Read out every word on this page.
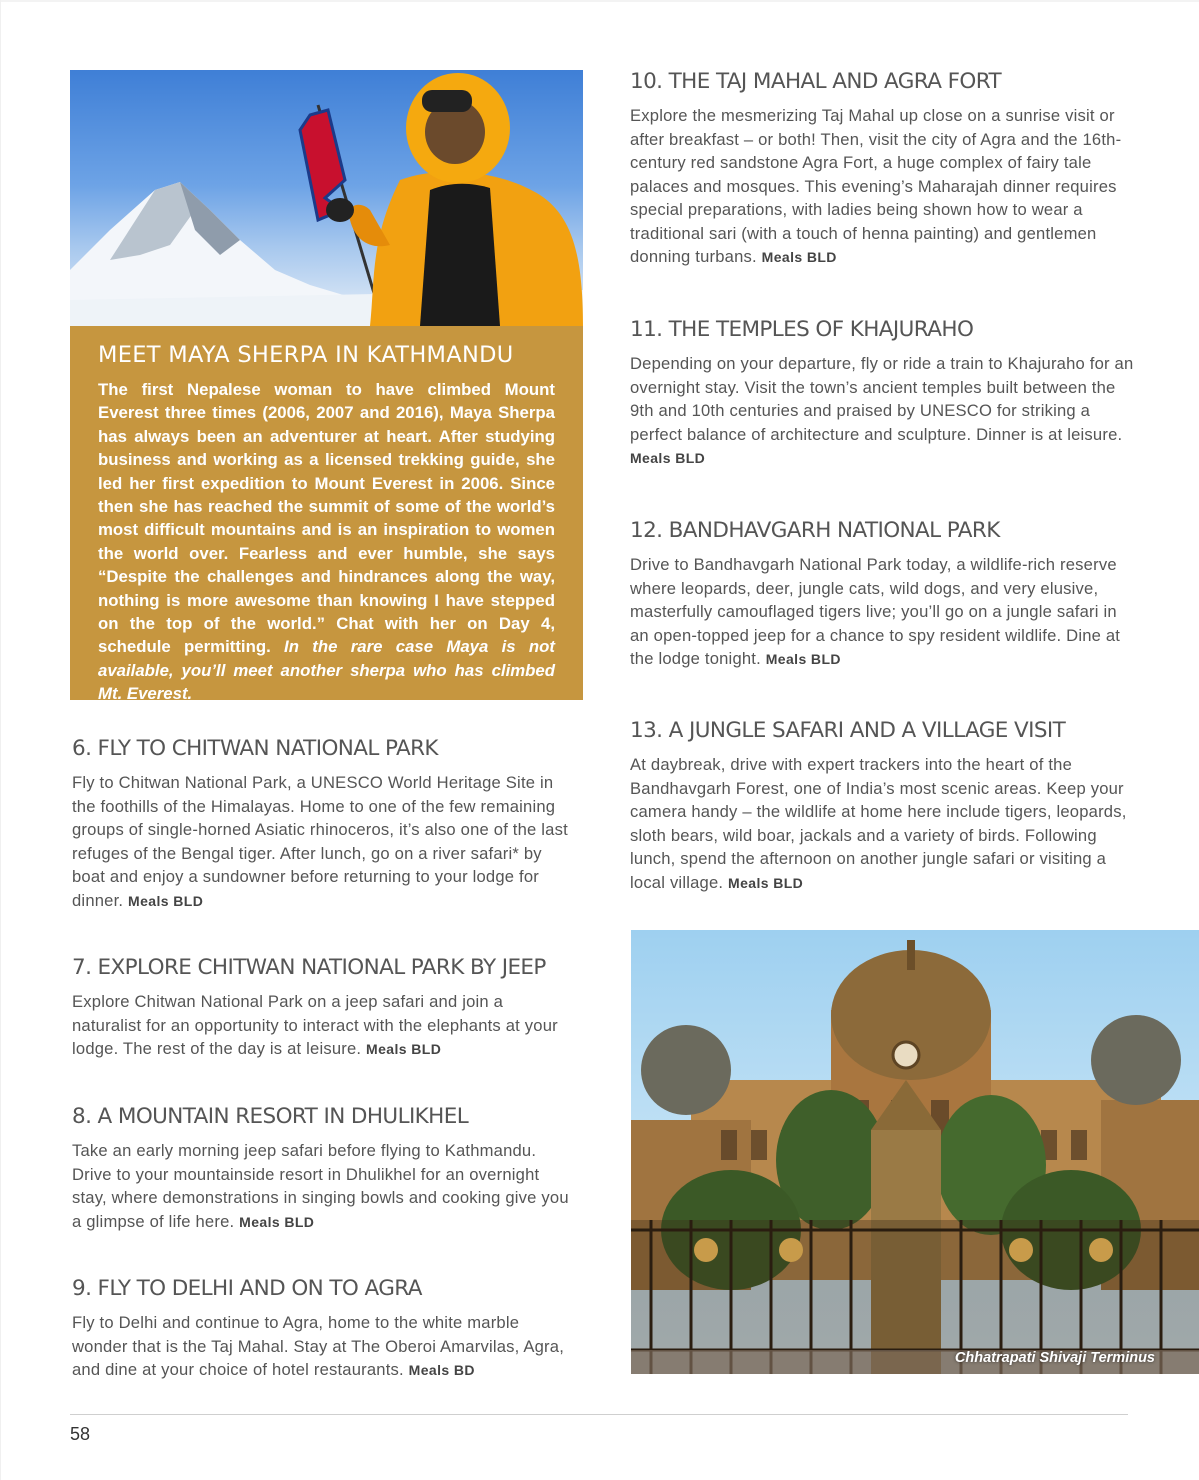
MEET MAYA SHERPA IN KATHMANDU

The first Nepalese woman to have climbed Mount Everest three times (2006, 2007 and 2016), Maya Sherpa has always been an adventurer at heart. After studying business and working as a licensed trekking guide, she led her first expedition to Mount Everest in 2006. Since then she has reached the summit of some of the world’s most difficult mountains and is an inspiration to women the world over. Fearless and ever humble, she says “Despite the challenges and hindrances along the way, nothing is more awesome than knowing I have stepped on the top of the world.” Chat with her on Day 4, schedule permitting. In the rare case Maya is not available, you’ll meet another sherpa who has climbed Mt. Everest.

6. FLY TO CHITWAN NATIONAL PARK

Fly to Chitwan National Park, a UNESCO World Heritage Site in the foothills of the Himalayas. Home to one of the few remaining groups of single-horned Asiatic rhinoceros, it’s also one of the last refuges of the Bengal tiger. After lunch, go on a river safari* by boat and enjoy a sundowner before returning to your lodge for dinner. Meals BLD

7. EXPLORE CHITWAN NATIONAL PARK BY JEEP

Explore Chitwan National Park on a jeep safari and join a naturalist for an opportunity to interact with the elephants at your lodge. The rest of the day is at leisure. Meals BLD

8. A MOUNTAIN RESORT IN DHULIKHEL

Take an early morning jeep safari before flying to Kathmandu. Drive to your mountainside resort in Dhulikhel for an overnight stay, where demonstrations in singing bowls and cooking give you a glimpse of life here. Meals BLD

9. FLY TO DELHI AND ON TO AGRA

Fly to Delhi and continue to Agra, home to the white marble wonder that is the Taj Mahal. Stay at The Oberoi Amarvilas, Agra, and dine at your choice of hotel restaurants. Meals BD

10. THE TAJ MAHAL AND AGRA FORT

Explore the mesmerizing Taj Mahal up close on a sunrise visit or after breakfast – or both! Then, visit the city of Agra and the 16th-century red sandstone Agra Fort, a huge complex of fairy tale palaces and mosques. This evening’s Maharajah dinner requires special preparations, with ladies being shown how to wear a traditional sari (with a touch of henna painting) and gentlemen donning turbans. Meals BLD

11. THE TEMPLES OF KHAJURAHO

Depending on your departure, fly or ride a train to Khajuraho for an overnight stay. Visit the town’s ancient temples built between the 9th and 10th centuries and praised by UNESCO for striking a perfect balance of architecture and sculpture. Dinner is at leisure. Meals BLD

12. BANDHAVGARH NATIONAL PARK

Drive to Bandhavgarh National Park today, a wildlife-rich reserve where leopards, deer, jungle cats, wild dogs, and very elusive, masterfully camouflaged tigers live; you’ll go on a jungle safari in an open-topped jeep for a chance to spy resident wildlife. Dine at the lodge tonight. Meals BLD

13. A JUNGLE SAFARI AND A VILLAGE VISIT

At daybreak, drive with expert trackers into the heart of the Bandhavgarh Forest, one of India’s most scenic areas. Keep your camera handy – the wildlife at home here include tigers, leopards, sloth bears, wild boar, jackals and a variety of birds. Following lunch, spend the afternoon on another jungle safari or visiting a local village. Meals BLD

Chhatrapati Shivaji Terminus
58
